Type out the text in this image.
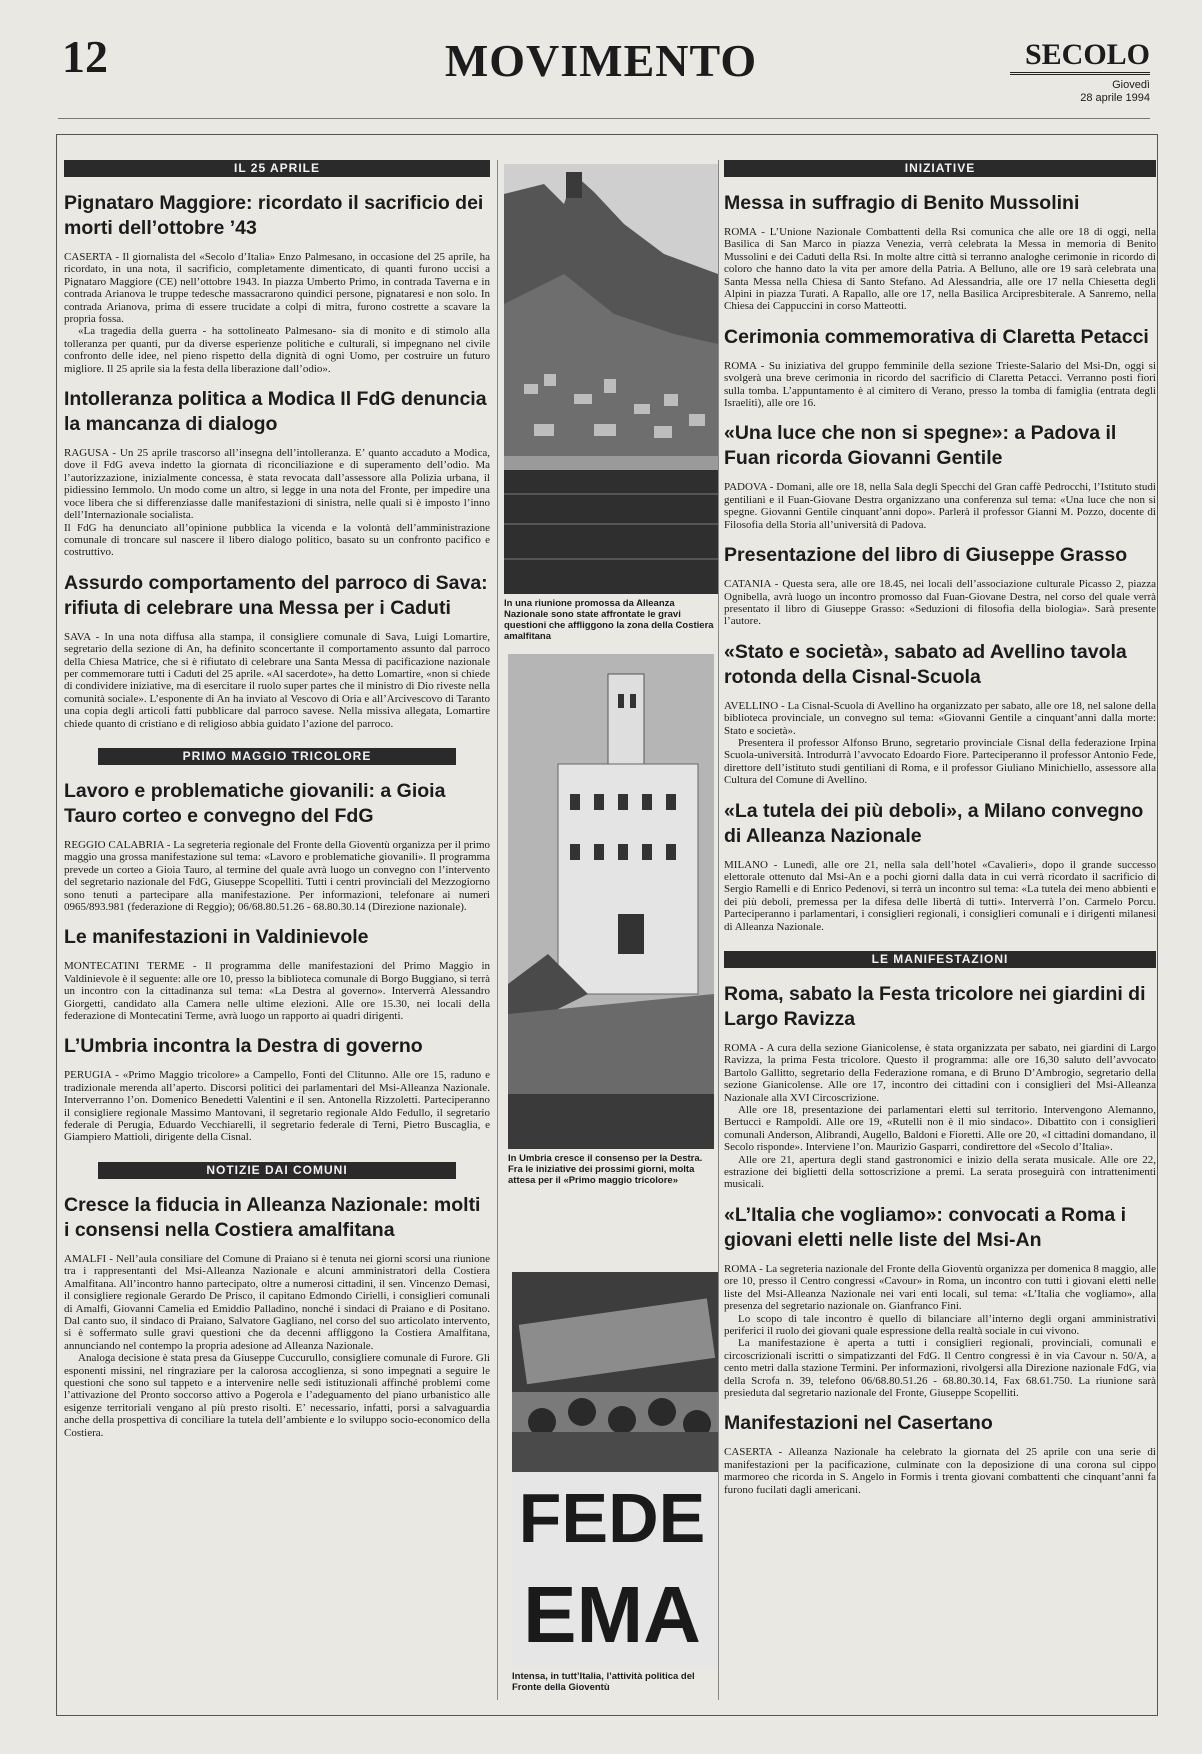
12	MOVIMENTO	SECOLO
Giovedì
28 aprile 1994
IL 25 APRILE
Pignataro Maggiore: ricordato il sacrificio dei morti dell’ottobre ’43

CASERTA - Il giornalista del «Secolo d’Italia» Enzo Palmesano, in occasione del 25 aprile, ha ricordato, in una nota, il sacrificio, completamente dimenticato, di quanti furono uccisi a Pignataro Maggiore (CE) nell’ottobre 1943. In piazza Umberto Primo, in contrada Taverna e in contrada Arianova le truppe tedesche massacrarono quindici persone, pignataresi e non solo. In contrada Arianova, prima di essere trucidate a colpi di mitra, furono costrette a scavare la propria fossa.

«La tragedia della guerra - ha sottolineato Palmesano- sia di monito e di stimolo alla tolleranza per quanti, pur da diverse esperienze politiche e culturali, si impegnano nel civile confronto delle idee, nel pieno rispetto della dignità di ogni Uomo, per costruire un futuro migliore. Il 25 aprile sia la festa della liberazione dall’odio».

Intolleranza politica a Modica Il FdG denuncia la mancanza di dialogo

RAGUSA - Un 25 aprile trascorso all’insegna dell’intolleranza. E’ quanto accaduto a Modica, dove il FdG aveva indetto la giornata di riconciliazione e di superamento dell’odio. Ma l’autorizzazione, inizialmente concessa, è stata revocata dall’assessore alla Polizia urbana, il pidiessino Iemmolo. Un modo come un altro, si legge in una nota del Fronte, per impedire una voce libera che si differenziasse dalle manifestazioni di sinistra, nelle quali si è imposto l’inno dell’Internazionale socialista.

Il FdG ha denunciato all’opinione pubblica la vicenda e la volontà dell’amministrazione comunale di troncare sul nascere il libero dialogo politico, basato su un confronto pacifico e costruttivo.

Assurdo comportamento del parroco di Sava: rifiuta di celebrare una Messa per i Caduti

SAVA - In una nota diffusa alla stampa, il consigliere comunale di Sava, Luigi Lomartire, segretario della sezione di An, ha definito sconcertante il comportamento assunto dal parroco della Chiesa Matrice, che si è rifiutato di celebrare una Santa Messa di pacificazione nazionale per commemorare tutti i Caduti del 25 aprile. «Al sacerdote», ha detto Lomartire, «non si chiede di condividere iniziative, ma di esercitare il ruolo super partes che il ministro di Dio riveste nella comunità sociale». L’esponente di An ha inviato al Vescovo di Oria e all’Arcivescovo di Taranto una copia degli articoli fatti pubblicare dal parroco savese. Nella missiva allegata, Lomartire chiede quanto di cristiano e di religioso abbia guidato l’azione del parroco.

PRIMO MAGGIO TRICOLORE
Lavoro e problematiche giovanili: a Gioia Tauro corteo e convegno del FdG

REGGIO CALABRIA - La segreteria regionale del Fronte della Gioventù organizza per il primo maggio una grossa manifestazione sul tema: «Lavoro e problematiche giovanili». Il programma prevede un corteo a Gioia Tauro, al termine del quale avrà luogo un convegno con l’intervento del segretario nazionale del FdG, Giuseppe Scopelliti. Tutti i centri provinciali del Mezzogiorno sono tenuti a partecipare alla manifestazione. Per informazioni, telefonare ai numeri 0965/893.981 (federazione di Reggio); 06/68.80.51.26 - 68.80.30.14 (Direzione nazionale).

Le manifestazioni in Valdinievole

MONTECATINI TERME - Il programma delle manifestazioni del Primo Maggio in Valdinievole è il seguente: alle ore 10, presso la biblioteca comunale di Borgo Buggiano, si terrà un incontro con la cittadinanza sul tema: «La Destra al governo». Interverrà Alessandro Giorgetti, candidato alla Camera nelle ultime elezioni. Alle ore 15.30, nei locali della federazione di Montecatini Terme, avrà luogo un rapporto ai quadri dirigenti.

L’Umbria incontra la Destra di governo

PERUGIA - «Primo Maggio tricolore» a Campello, Fonti del Clitunno. Alle ore 15, raduno e tradizionale merenda all’aperto. Discorsi politici dei parlamentari del Msi-Alleanza Nazionale. Interverranno l’on. Domenico Benedetti Valentini e il sen. Antonella Rizzoletti. Parteciperanno il consigliere regionale Massimo Mantovani, il segretario regionale Aldo Fedullo, il segretario federale di Perugia, Eduardo Vecchiarelli, il segretario federale di Terni, Pietro Buscaglia, e Giampiero Mattioli, dirigente della Cisnal.

NOTIZIE DAI COMUNI
Cresce la fiducia in Alleanza Nazionale: molti i consensi nella Costiera amalfitana

AMALFI - Nell’aula consiliare del Comune di Praiano si è tenuta nei giorni scorsi una riunione tra i rappresentanti del Msi-Alleanza Nazionale e alcuni amministratori della Costiera Amalfitana. All’incontro hanno partecipato, oltre a numerosi cittadini, il sen. Vincenzo Demasi, il consigliere regionale Gerardo De Prisco, il capitano Edmondo Cirielli, i consiglieri comunali di Amalfi, Giovanni Camelia ed Emiddio Palladino, nonché i sindaci di Praiano e di Positano. Dal canto suo, il sindaco di Praiano, Salvatore Gagliano, nel corso del suo articolato intervento, si è soffermato sulle gravi questioni che da decenni affliggono la Costiera Amalfitana, annunciando nel contempo la propria adesione ad Alleanza Nazionale.

Analoga decisione è stata presa da Giuseppe Cuccurullo, consigliere comunale di Furore. Gli esponenti missini, nel ringraziare per la calorosa accoglienza, si sono impegnati a seguire le questioni che sono sul tappeto e a intervenire nelle sedi istituzionali affinché problemi come l’attivazione del Pronto soccorso attivo a Pogerola e l’adeguamento del piano urbanistico alle esigenze territoriali vengano al più presto risolti. E’ necessario, infatti, porsi a salvaguardia anche della prospettiva di conciliare la tutela dell’ambiente e lo sviluppo socio-economico della Costiera.

In una riunione promossa da Alleanza Nazionale sono state affrontate le gravi questioni che affliggono la zona della Costiera amalfitana
In Umbria cresce il consenso per la Destra. Fra le iniziative dei prossimi giorni, molta attesa per il «Primo maggio tricolore»
FEDE
EMA
Intensa, in tutt’Italia, l’attività politica del Fronte della Gioventù
INIZIATIVE
Messa in suffragio di Benito Mussolini

ROMA - L’Unione Nazionale Combattenti della Rsi comunica che alle ore 18 di oggi, nella Basilica di San Marco in piazza Venezia, verrà celebrata la Messa in memoria di Benito Mussolini e dei Caduti della Rsi. In molte altre città si terranno analoghe cerimonie in ricordo di coloro che hanno dato la vita per amore della Patria. A Belluno, alle ore 19 sarà celebrata una Santa Messa nella Chiesa di Santo Stefano. Ad Alessandria, alle ore 17 nella Chiesetta degli Alpini in piazza Turati. A Rapallo, alle ore 17, nella Basilica Arcipresbiterale. A Sanremo, nella Chiesa dei Cappuccini in corso Matteotti.

Cerimonia commemorativa di Claretta Petacci

ROMA - Su iniziativa del gruppo femminile della sezione Trieste-Salario del Msi-Dn, oggi si svolgerà una breve cerimonia in ricordo del sacrificio di Claretta Petacci. Verranno posti fiori sulla tomba. L’appuntamento è al cimitero di Verano, presso la tomba di famiglia (entrata degli Israeliti), alle ore 16.

«Una luce che non si spegne»: a Padova il Fuan ricorda Giovanni Gentile

PADOVA - Domani, alle ore 18, nella Sala degli Specchi del Gran caffè Pedrocchi, l’Istituto studi gentiliani e il Fuan-Giovane Destra organizzano una conferenza sul tema: «Una luce che non si spegne. Giovanni Gentile cinquant’anni dopo». Parlerà il professor Gianni M. Pozzo, docente di Filosofia della Storia all’università di Padova.

Presentazione del libro di Giuseppe Grasso

CATANIA - Questa sera, alle ore 18.45, nei locali dell’associazione culturale Picasso 2, piazza Ognibella, avrà luogo un incontro promosso dal Fuan-Giovane Destra, nel corso del quale verrà presentato il libro di Giuseppe Grasso: «Seduzioni di filosofia della biologia». Sarà presente l’autore.

«Stato e società», sabato ad Avellino tavola rotonda della Cisnal-Scuola

AVELLINO - La Cisnal-Scuola di Avellino ha organizzato per sabato, alle ore 18, nel salone della biblioteca provinciale, un convegno sul tema: «Giovanni Gentile a cinquant’anni dalla morte: Stato e società».

Presentera il professor Alfonso Bruno, segretario provinciale Cisnal della federazione Irpina Scuola-università. Introdurrà l’avvocato Edoardo Fiore. Parteciperanno il professor Antonio Fede, direttore dell’istituto studi gentiliani di Roma, e il professor Giuliano Minichiello, assessore alla Cultura del Comune di Avellino.

«La tutela dei più deboli», a Milano convegno di Alleanza Nazionale

MILANO - Lunedì, alle ore 21, nella sala dell’hotel «Cavalieri», dopo il grande successo elettorale ottenuto dal Msi-An e a pochi giorni dalla data in cui verrà ricordato il sacrificio di Sergio Ramelli e di Enrico Pedenovi, si terrà un incontro sul tema: «La tutela dei meno abbienti e dei più deboli, premessa per la difesa delle libertà di tutti». Interverrà l’on. Carmelo Porcu. Parteciperanno i parlamentari, i consiglieri regionali, i consiglieri comunali e i dirigenti milanesi di Alleanza Nazionale.

LE MANIFESTAZIONI
Roma, sabato la Festa tricolore nei giardini di Largo Ravizza

ROMA - A cura della sezione Gianicolense, è stata organizzata per sabato, nei giardini di Largo Ravizza, la prima Festa tricolore. Questo il programma: alle ore 16,30 saluto dell’avvocato Bartolo Gallitto, segretario della Federazione romana, e di Bruno D’Ambrogio, segretario della sezione Gianicolense. Alle ore 17, incontro dei cittadini con i consiglieri del Msi-Alleanza Nazionale alla XVI Circoscrizione.

Alle ore 18, presentazione dei parlamentari eletti sul territorio. Intervengono Alemanno, Bertucci e Rampoldi. Alle ore 19, «Rutelli non è il mio sindaco». Dibattito con i consiglieri comunali Anderson, Alibrandi, Augello, Baldoni e Fioretti. Alle ore 20, «I cittadini domandano, il Secolo risponde». Interviene l’on. Maurizio Gasparri, condirettore del «Secolo d’Italia».

Alle ore 21, apertura degli stand gastronomici e inizio della serata musicale. Alle ore 22, estrazione dei biglietti della sottoscrizione a premi. La serata proseguirà con intrattenimenti musicali.

«L’Italia che vogliamo»: convocati a Roma i giovani eletti nelle liste del Msi-An

ROMA - La segreteria nazionale del Fronte della Gioventù organizza per domenica 8 maggio, alle ore 10, presso il Centro congressi «Cavour» in Roma, un incontro con tutti i giovani eletti nelle liste del Msi-Alleanza Nazionale nei vari enti locali, sul tema: «L’Italia che vogliamo», alla presenza del segretario nazionale on. Gianfranco Fini.

Lo scopo di tale incontro è quello di bilanciare all’interno degli organi amministrativi periferici il ruolo dei giovani quale espressione della realtà sociale in cui vivono.

La manifestazione è aperta a tutti i consiglieri regionali, provinciali, comunali e circoscrizionali iscritti o simpatizzanti del FdG. Il Centro congressi è in via Cavour n. 50/A, a cento metri dalla stazione Termini. Per informazioni, rivolgersi alla Direzione nazionale FdG, via della Scrofa n. 39, telefono 06/68.80.51.26 - 68.80.30.14, Fax 68.61.750. La riunione sarà presieduta dal segretario nazionale del Fronte, Giuseppe Scopelliti.

Manifestazioni nel Casertano

CASERTA - Alleanza Nazionale ha celebrato la giornata del 25 aprile con una serie di manifestazioni per la pacificazione, culminate con la deposizione di una corona sul cippo marmoreo che ricorda in S. Angelo in Formis i trenta giovani combattenti che cinquant’anni fa furono fucilati dagli americani.
